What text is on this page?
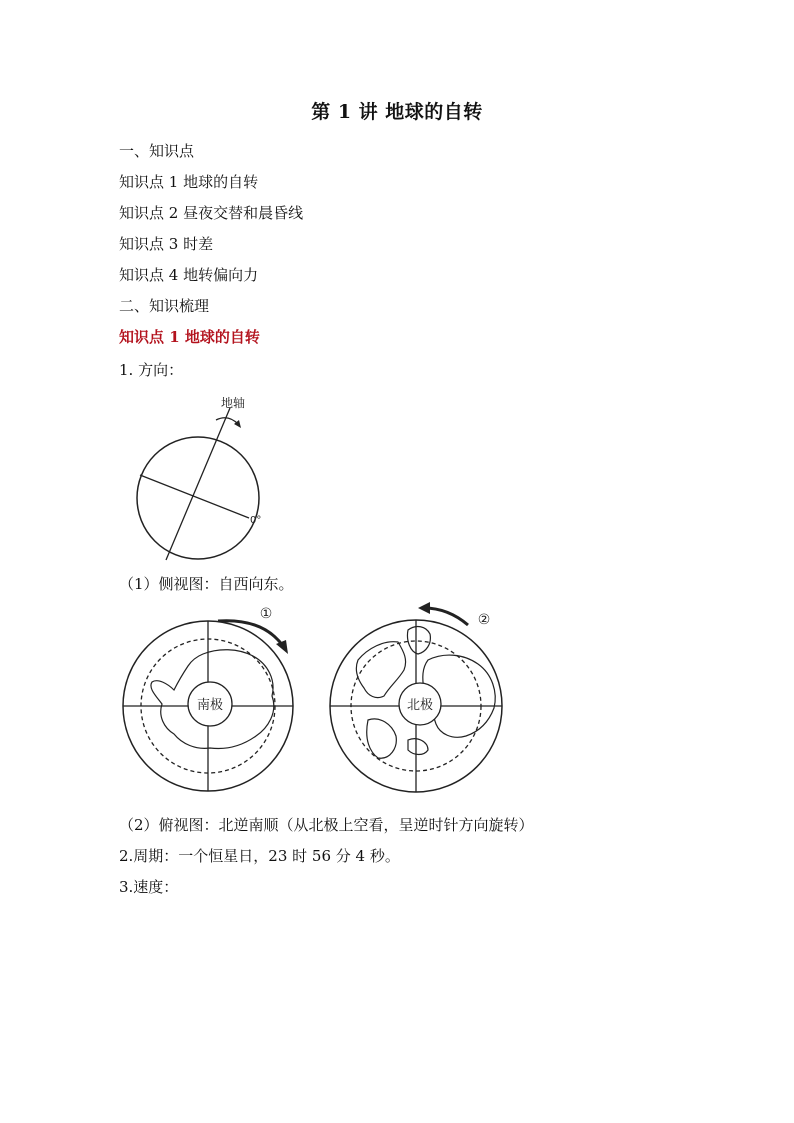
第 1 讲 地球的自转
一、知识点
知识点 1 地球的自转
知识点 2 昼夜交替和晨昏线
知识点 3 时差
知识点 4 地转偏向力
二、知识梳理
知识点 1 地球的自转
1. 方向：
地轴
0°
（1）侧视图：自西向东。
南极
①
北极
②
（2）俯视图：北逆南顺（从北极上空看，呈逆时针方向旋转）
2.周期：一个恒星日，23 时 56 分 4 秒。
3.速度：
